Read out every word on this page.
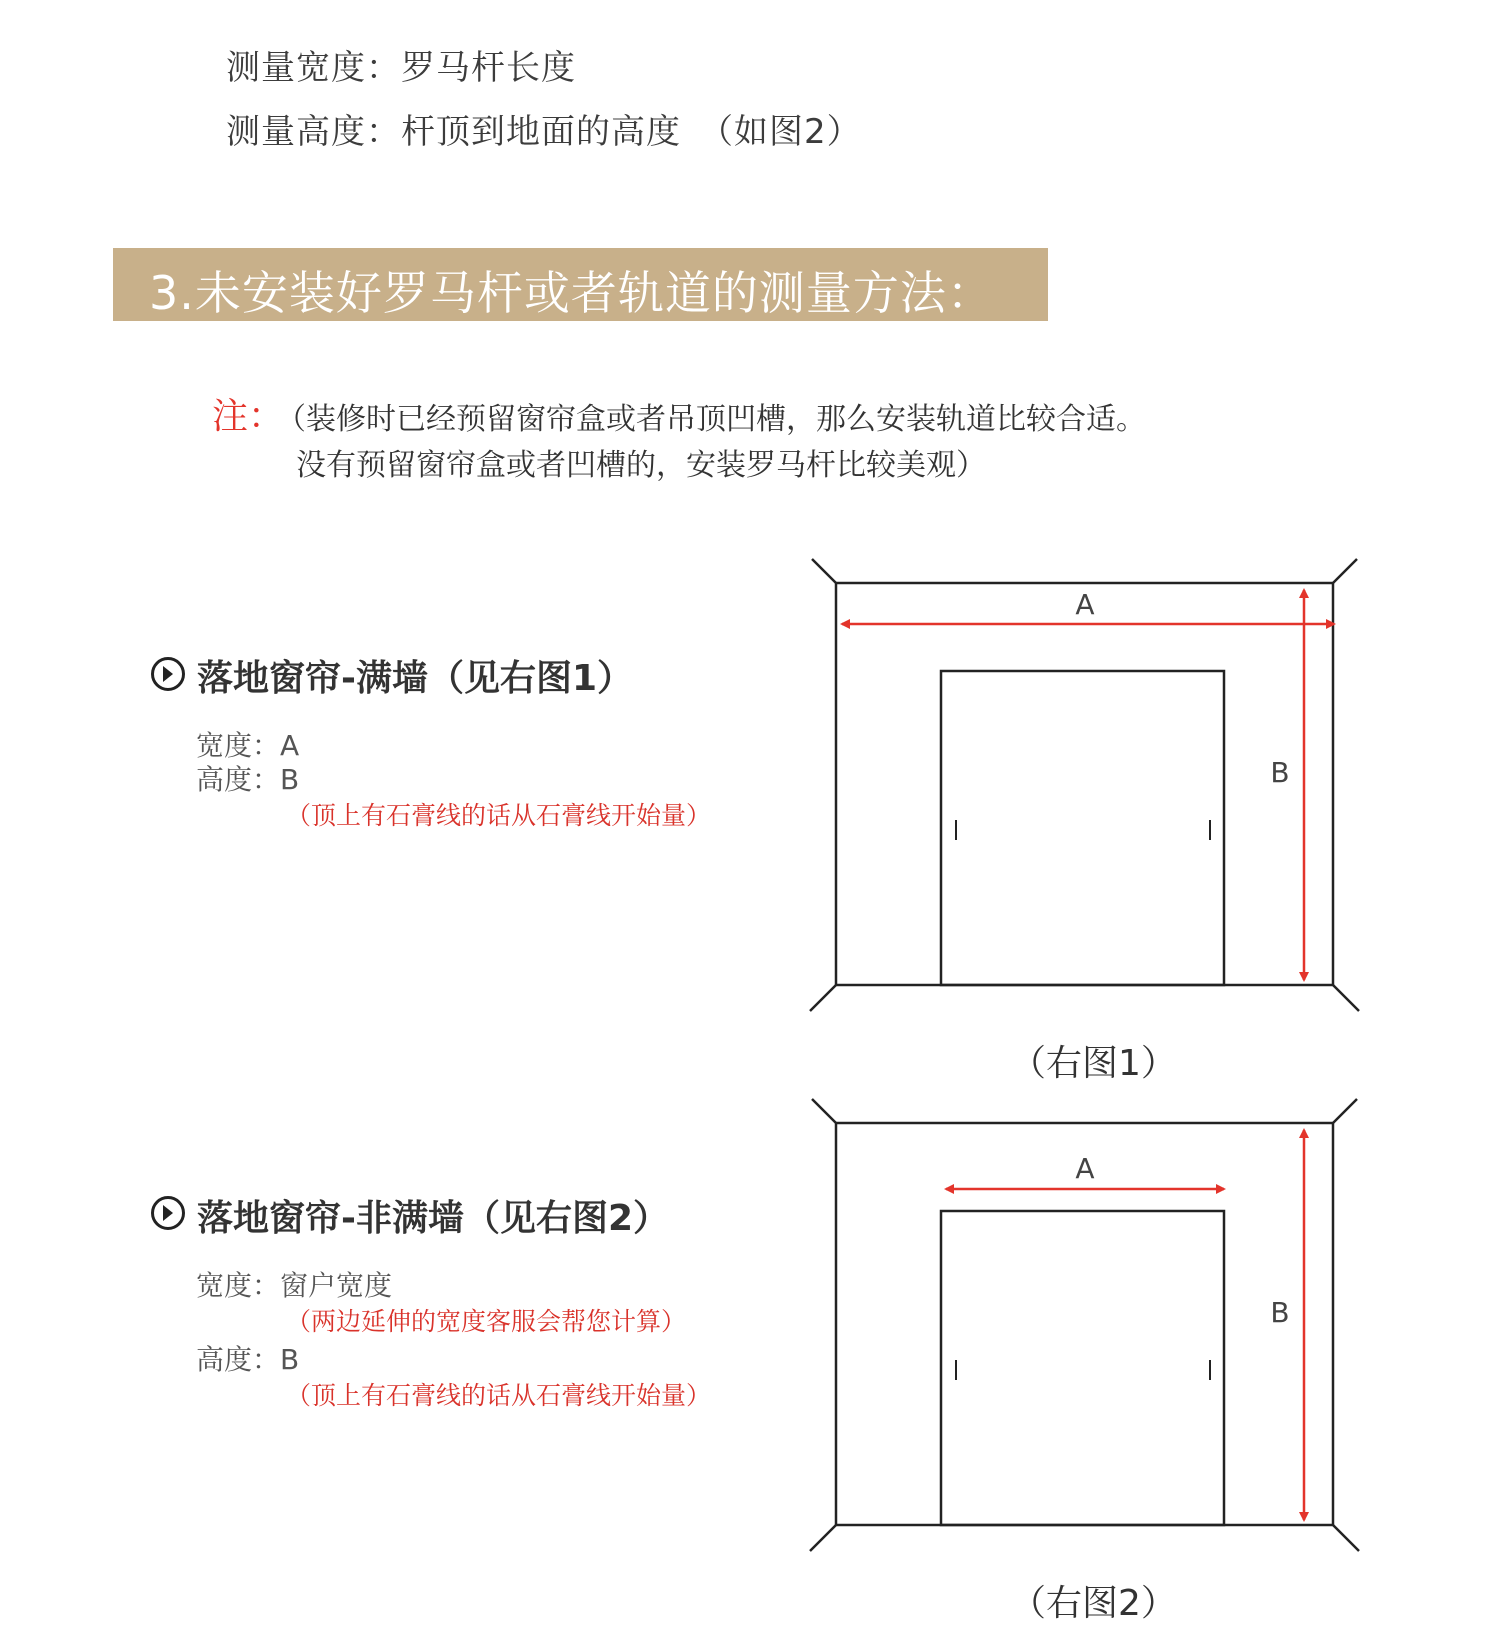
测量宽度：罗马杆长度
测量高度：杆顶到地面的高度　（如图2）
3.未安装好罗马杆或者轨道的测量方法：
注：
（装修时已经预留窗帘盒或者吊顶凹槽，那么安装轨道比较合适。
没有预留窗帘盒或者凹槽的，安装罗马杆比较美观）
落地窗帘-满墙（见右图1）
宽度：A
高度：B
（顶上有石膏线的话从石膏线开始量）
落地窗帘-非满墙（见右图2）
宽度：窗户宽度
（两边延伸的宽度客服会帮您计算）
高度：B
（顶上有石膏线的话从石膏线开始量）
A
B
（右图1）
A
B
（右图2）
